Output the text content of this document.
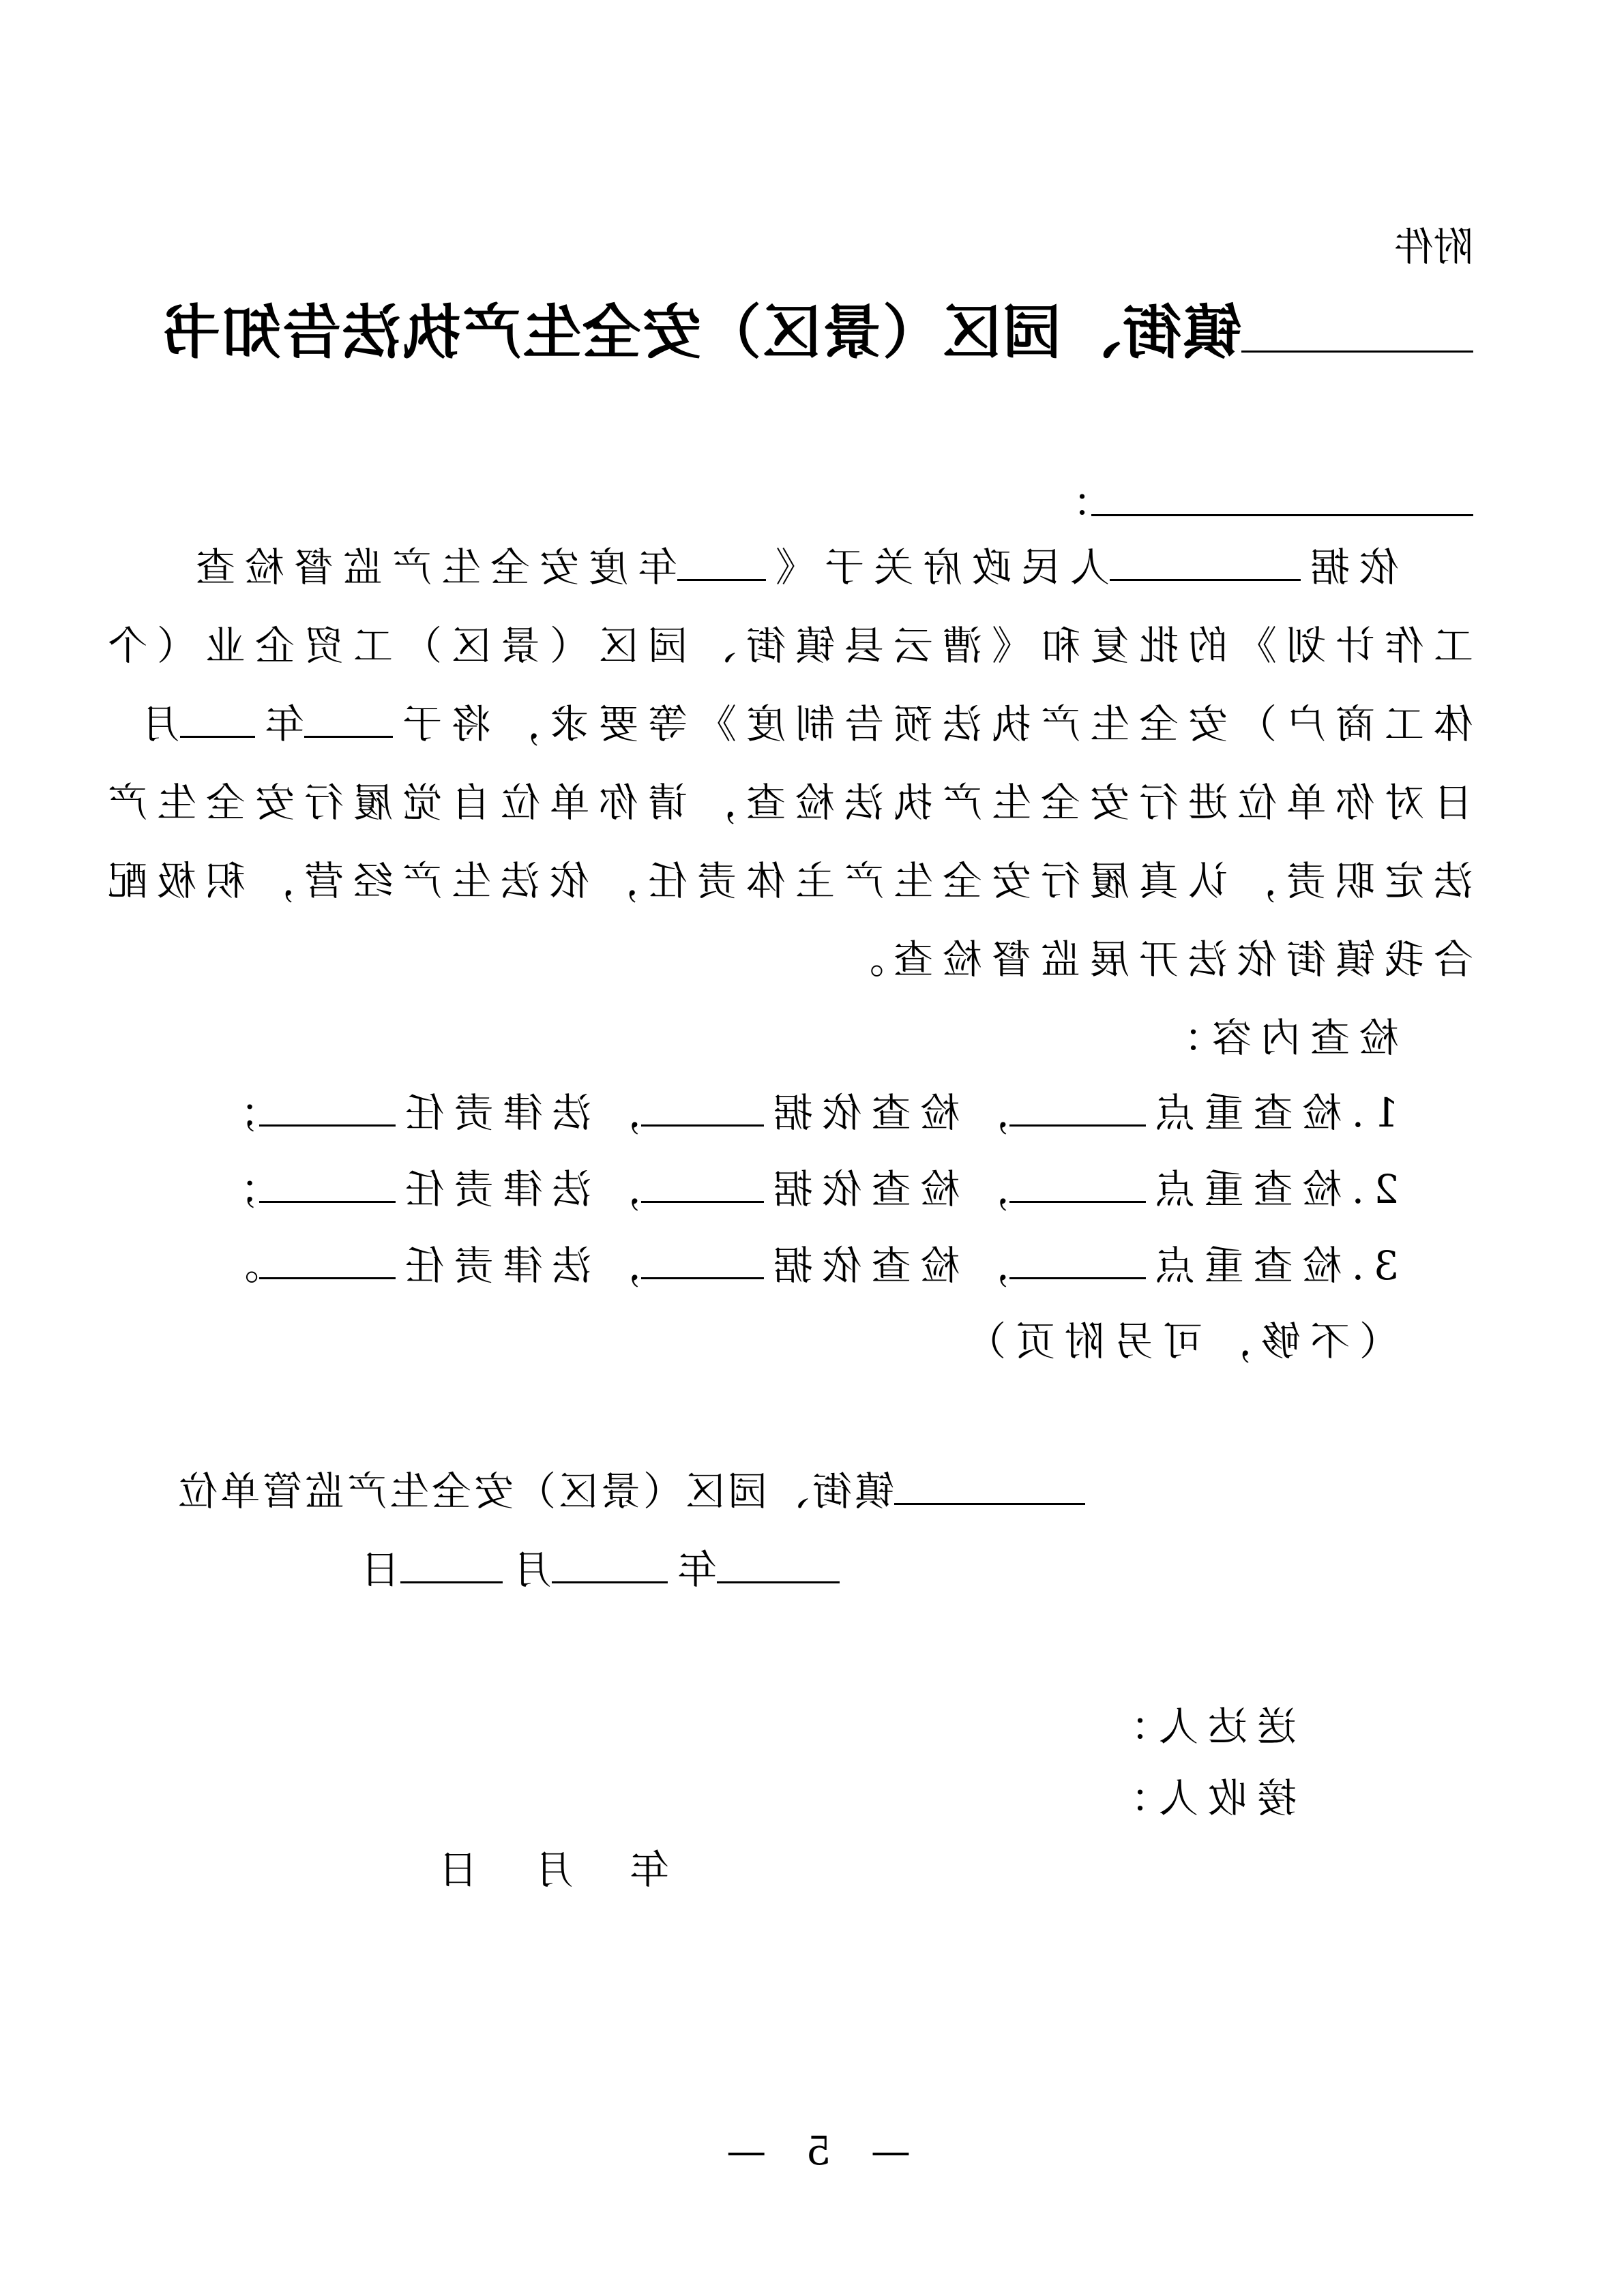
附件
镇街、园区（景区）安全生产执法告知书
：
依据人民政府关于《年度安全生产监督检查
工作计划》的批复和《漕云县镇街、园区（景区）工贸企业（个
体工商户）安全生产执法预告制度》等要求，将于年月
日对你单位进行安全生产执法检查，请你单位自觉履行安全生产
法定职责，认真履行安全生产主体责任，依法生产经营，积极配
合我镇街依法开展监督检查。
检查内容：
1.检查重点，检查依据，法律责任；
2.检查重点，检查依据，法律责任；
3.检查重点，检查依据，法律责任。
（不够，可另附页）
镇街、园区（景区）安全生产监管单位
年月日
送达人：
接收人：
年
月
日
— 5 —
